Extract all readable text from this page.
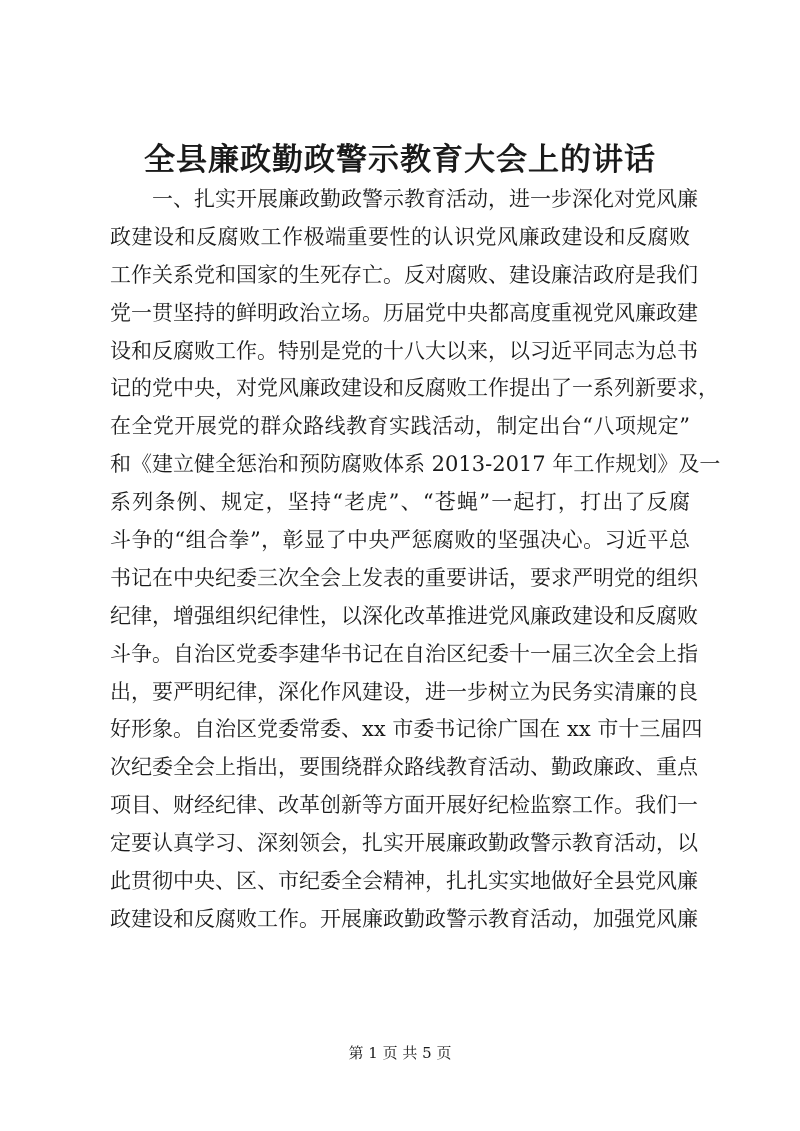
全县廉政勤政警示教育大会上的讲话
一、扎实开展廉政勤政警示教育活动，进一步深化对党风廉
政建设和反腐败工作极端重要性的认识党风廉政建设和反腐败
工作关系党和国家的生死存亡。反对腐败、建设廉洁政府是我们
党一贯坚持的鲜明政治立场。历届党中央都高度重视党风廉政建
设和反腐败工作。特别是党的十八大以来，以习近平同志为总书
记的党中央，对党风廉政建设和反腐败工作提出了一系列新要求，
在全党开展党的群众路线教育实践活动，制定出台“八项规定”
和《建立健全惩治和预防腐败体系 2013-2017 年工作规划》及一
系列条例、规定，坚持“老虎”、“苍蝇”一起打，打出了反腐
斗争的“组合拳”，彰显了中央严惩腐败的坚强决心。习近平总
书记在中央纪委三次全会上发表的重要讲话，要求严明党的组织
纪律，增强组织纪律性，以深化改革推进党风廉政建设和反腐败
斗争。自治区党委李建华书记在自治区纪委十一届三次全会上指
出，要严明纪律，深化作风建设，进一步树立为民务实清廉的良
好形象。自治区党委常委、xx 市委书记徐广国在 xx 市十三届四
次纪委全会上指出，要围绕群众路线教育活动、勤政廉政、重点
项目、财经纪律、改革创新等方面开展好纪检监察工作。我们一
定要认真学习、深刻领会，扎实开展廉政勤政警示教育活动，以
此贯彻中央、区、市纪委全会精神，扎扎实实地做好全县党风廉
政建设和反腐败工作。开展廉政勤政警示教育活动，加强党风廉
第 1 页 共 5 页
